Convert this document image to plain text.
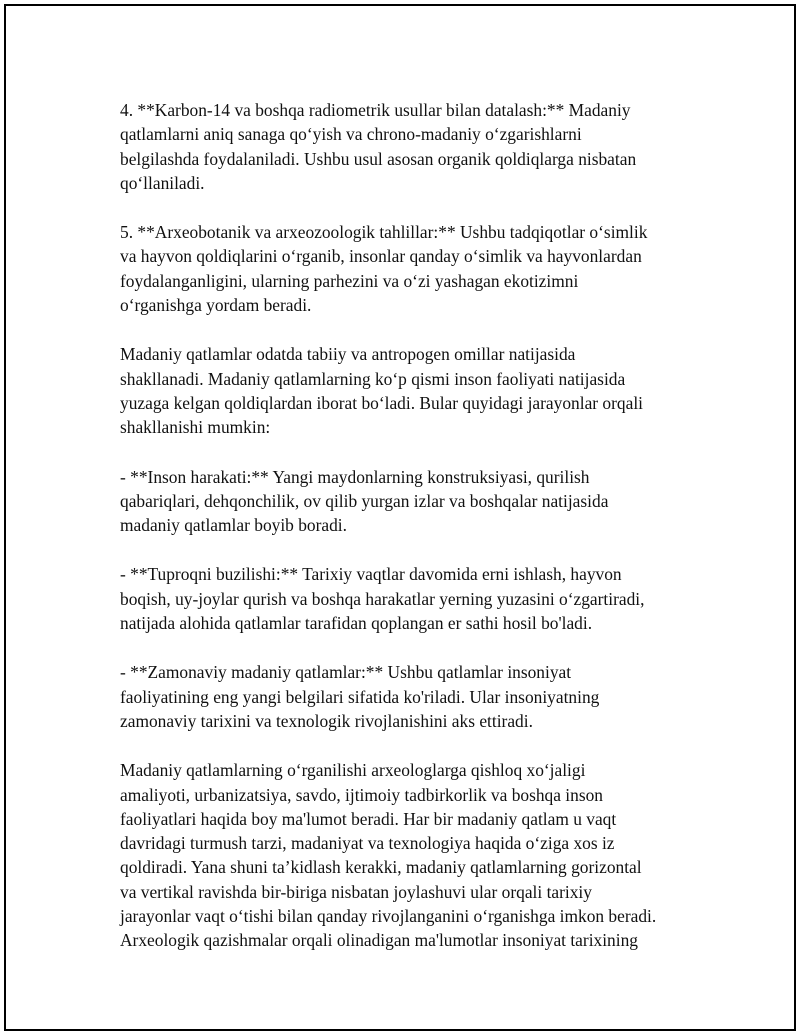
4. **Karbon-14 va boshqa radiometrik usullar bilan datalash:** Madaniy
qatlamlarni aniq sanaga qo‘yish va chrono-madaniy o‘zgarishlarni
belgilashda foydalaniladi. Ushbu usul asosan organik qoldiqlarga nisbatan
qo‘llaniladi.
5. **Arxeobotanik va arxeozoologik tahlillar:** Ushbu tadqiqotlar o‘simlik
va hayvon qoldiqlarini o‘rganib, insonlar qanday o‘simlik va hayvonlardan
foydalanganligini, ularning parhezini va o‘zi yashagan ekotizimni
o‘rganishga yordam beradi.
Madaniy qatlamlar odatda tabiiy va antropogen omillar natijasida
shakllanadi. Madaniy qatlamlarning ko‘p qismi inson faoliyati natijasida
yuzaga kelgan qoldiqlardan iborat bo‘ladi. Bular quyidagi jarayonlar orqali
shakllanishi mumkin:
- **Inson harakati:** Yangi maydonlarning konstruksiyasi, qurilish
qabariqlari, dehqonchilik, ov qilib yurgan izlar va boshqalar natijasida
madaniy qatlamlar boyib boradi.
- **Tuproqni buzilishi:** Tarixiy vaqtlar davomida erni ishlash, hayvon
boqish, uy-joylar qurish va boshqa harakatlar yerning yuzasini o‘zgartiradi,
natijada alohida qatlamlar tarafidan qoplangan er sathi hosil bo'ladi.
- **Zamonaviy madaniy qatlamlar:** Ushbu qatlamlar insoniyat
faoliyatining eng yangi belgilari sifatida ko'riladi. Ular insoniyatning
zamonaviy tarixini va texnologik rivojlanishini aks ettiradi.
Madaniy qatlamlarning o‘rganilishi arxeologlarga qishloq xo‘jaligi
amaliyoti, urbanizatsiya, savdo, ijtimoiy tadbirkorlik va boshqa inson
faoliyatlari haqida boy ma'lumot beradi. Har bir madaniy qatlam u vaqt
davridagi turmush tarzi, madaniyat va texnologiya haqida o‘ziga xos iz
qoldiradi. Yana shuni ta’kidlash kerakki, madaniy qatlamlarning gorizontal
va vertikal ravishda bir-biriga nisbatan joylashuvi ular orqali tarixiy
jarayonlar vaqt o‘tishi bilan qanday rivojlanganini o‘rganishga imkon beradi.
Arxeologik qazishmalar orqali olinadigan ma'lumotlar insoniyat tarixining
